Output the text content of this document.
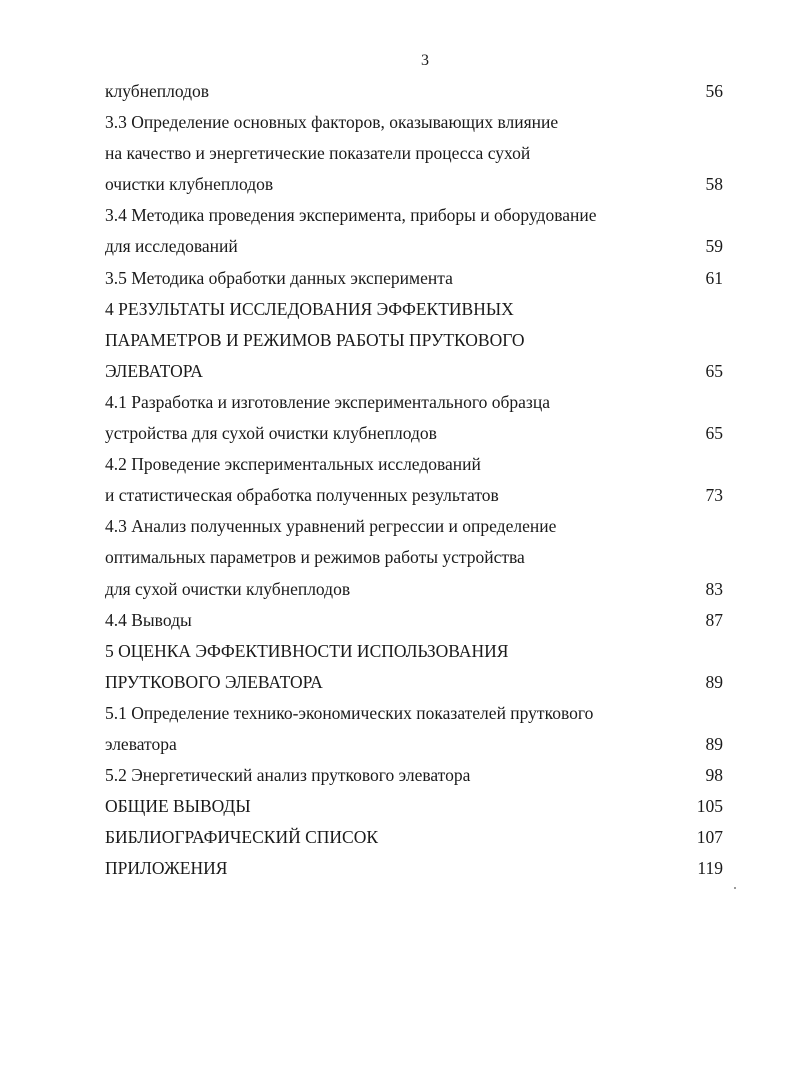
3
клубнеплодов	56
3.3 Определение основных факторов, оказывающих влияние
на качество и энергетические показатели процесса сухой
очистки клубнеплодов	58
3.4 Методика проведения эксперимента, приборы и оборудование
для исследований	59
3.5 Методика обработки данных эксперимента	61
4 РЕЗУЛЬТАТЫ ИССЛЕДОВАНИЯ ЭФФЕКТИВНЫХ
ПАРАМЕТРОВ И РЕЖИМОВ РАБОТЫ ПРУТКОВОГО
ЭЛЕВАТОРА	65
4.1 Разработка и изготовление экспериментального образца
устройства для сухой очистки клубнеплодов	65
4.2 Проведение экспериментальных исследований
и статистическая обработка полученных результатов	73
4.3 Анализ полученных уравнений регрессии и определение
оптимальных параметров и режимов работы устройства
для сухой очистки клубнеплодов	83
4.4 Выводы	87
5 ОЦЕНКА ЭФФЕКТИВНОСТИ ИСПОЛЬЗОВАНИЯ
ПРУТКОВОГО ЭЛЕВАТОРА	89
5.1 Определение технико-экономических показателей пруткового
элеватора	89
5.2 Энергетический анализ пруткового элеватора	98
ОБЩИЕ ВЫВОДЫ	105
БИБЛИОГРАФИЧЕСКИЙ СПИСОК	107
ПРИЛОЖЕНИЯ	119
